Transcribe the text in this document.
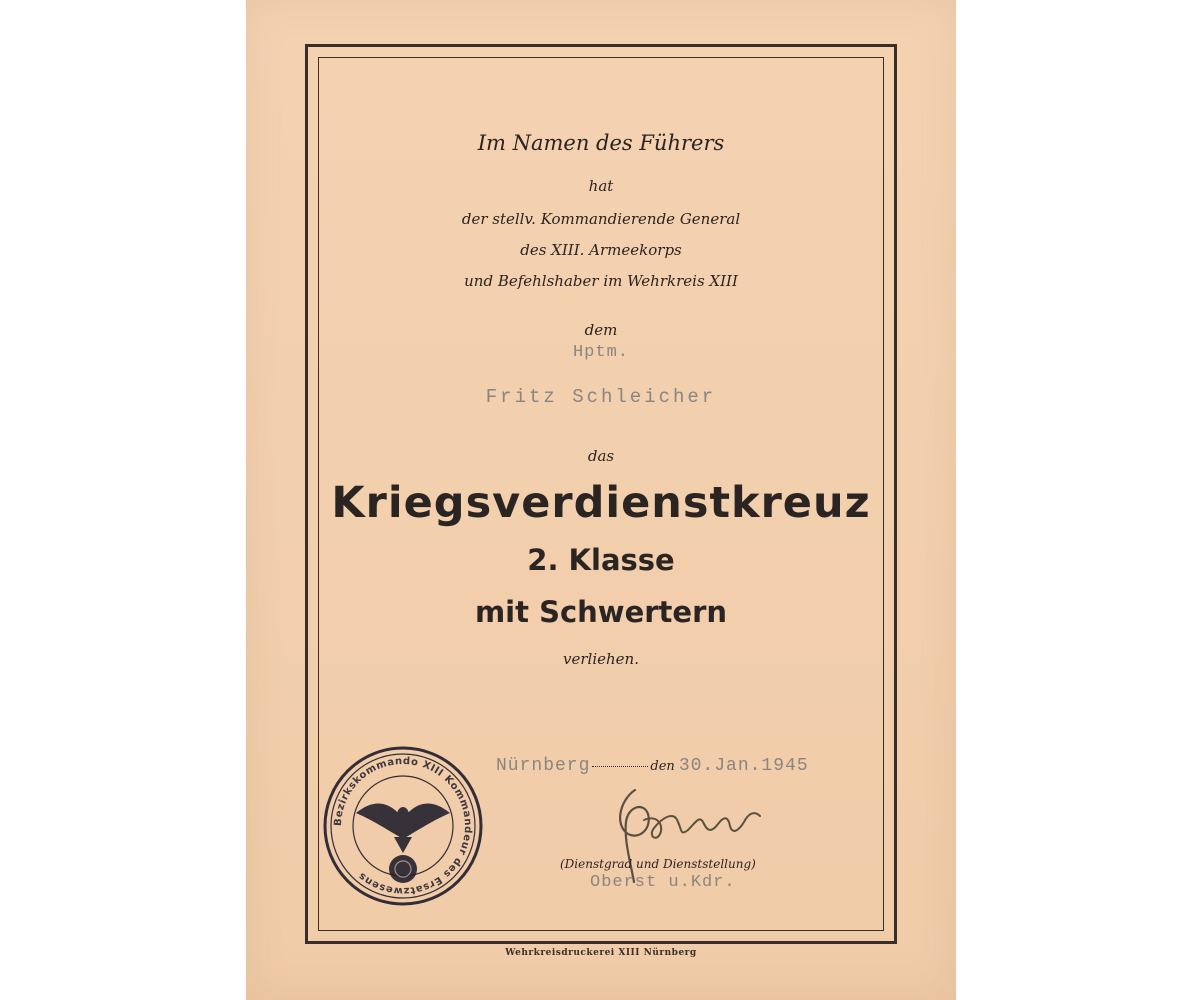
Im Namen des Führers
hat
der stellv. Kommandierende General
des XIII. Armeekorps
und Befehlshaber im Wehrkreis XIII
dem
Hptm.
Fritz Schleicher
das
Kriegsverdienstkreuz
2. Klasse
mit Schwertern
verliehen.
Nürnberg	den 30.Jan.1945
Bezirkskommando XIII Kommandeur des Ersatzwesens
(Dienstgrad und Dienststellung)
Oberst u.Kdr.
Wehrkreisdruckerei XIII Nürnberg
